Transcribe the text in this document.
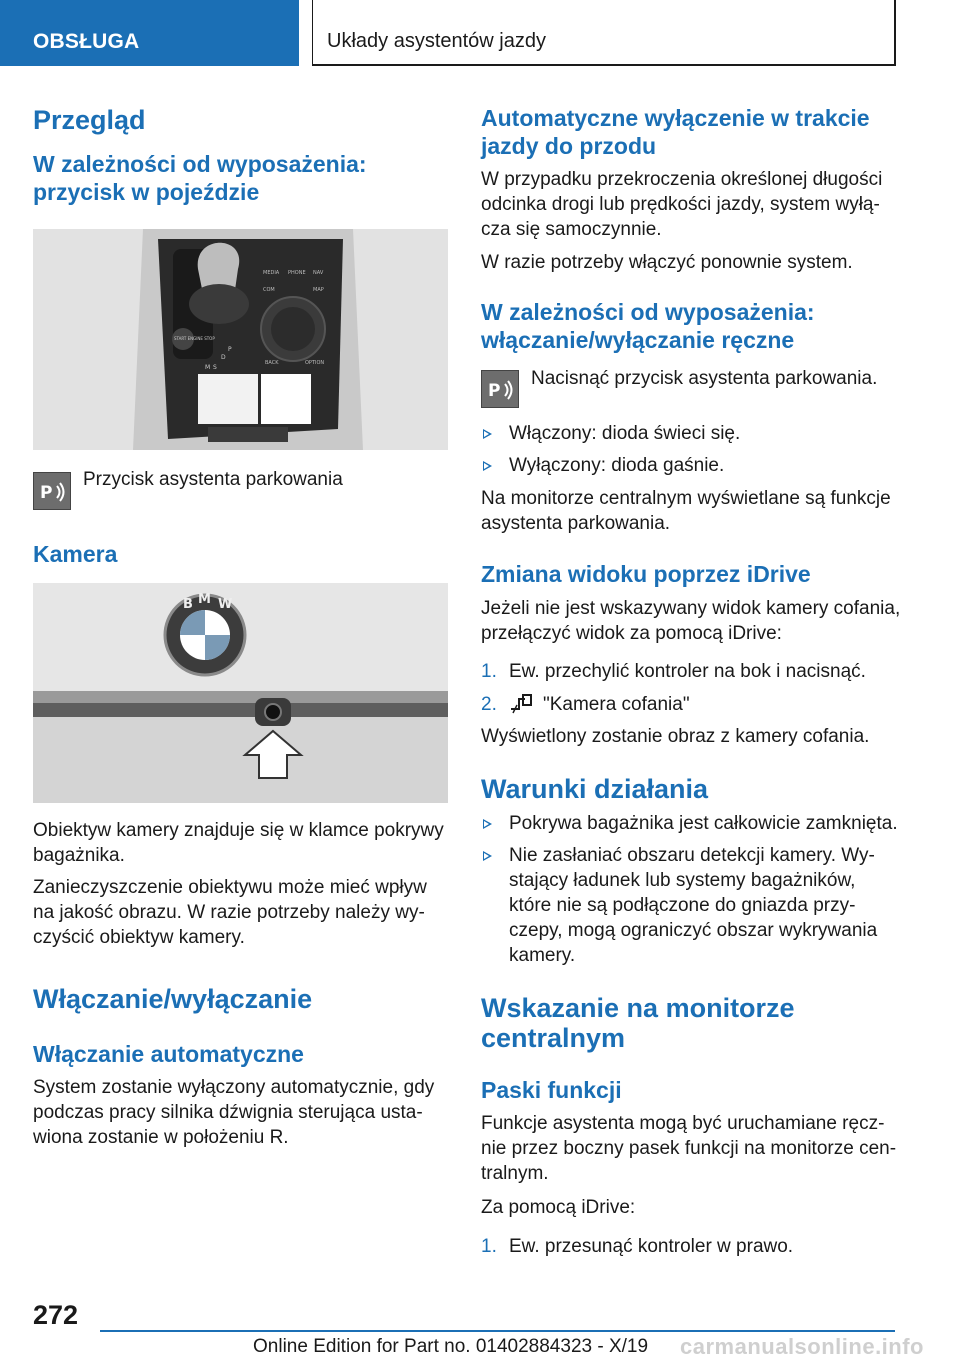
OBSŁUGA	Układy asystentów jazdy
Przegląd
W zależności od wyposażenia: przycisk w pojeździe
MEDIA PHONE NAV
COM	MAP
BACK	OPTION
START ENGINE STOP
M S
D
P
P
Przycisk asystenta parkowania
Kamera
B M W
Obiektyw kamery znajduje się w klamce pokrywy bagażnika.
Zanieczyszczenie obiektywu może mieć wpływ na jakość obrazu. W razie potrzeby należy wy-czyścić obiektyw kamery.
Włączanie/wyłączanie
Włączanie automatyczne
System zostanie wyłączony automatycznie, gdy podczas pracy silnika dźwignia sterująca usta-wiona zostanie w położeniu R.
Automatyczne wyłączenie w trakcie jazdy do przodu
W przypadku przekroczenia określonej długości odcinka drogi lub prędkości jazdy, system wyłą-cza się samoczynnie.
W razie potrzeby włączyć ponownie system.
W zależności od wyposażenia: włączanie/wyłączanie ręczne
P
Nacisnąć przycisk asystenta parkowania.
Włączony: dioda świeci się.
Wyłączony: dioda gaśnie.
Na monitorze centralnym wyświetlane są funkcje asystenta parkowania.
Zmiana widoku poprzez iDrive
Jeżeli nie jest wskazywany widok kamery cofania, przełączyć widok za pomocą iDrive:
1. Ew. przechylić kontroler na bok i nacisnąć.
2. "Kamera cofania"
Wyświetlony zostanie obraz z kamery cofania.
Warunki działania
Pokrywa bagażnika jest całkowicie zamknięta.
Nie zasłaniać obszaru detekcji kamery. Wy-stający ładunek lub systemy bagażników, które nie są podłączone do gniazda przy-czepy, mogą ograniczyć obszar wykrywania kamery.
Wskazanie na monitorze centralnym
Paski funkcji
Funkcje asystenta mogą być uruchamiane ręcz-nie przez boczny pasek funkcji na monitorze cen-tralnym.
Za pomocą iDrive:
1. Ew. przesunąć kontroler w prawo.
272
Online Edition for Part no. 01402884323 - X/19 carmanualsonline.info
